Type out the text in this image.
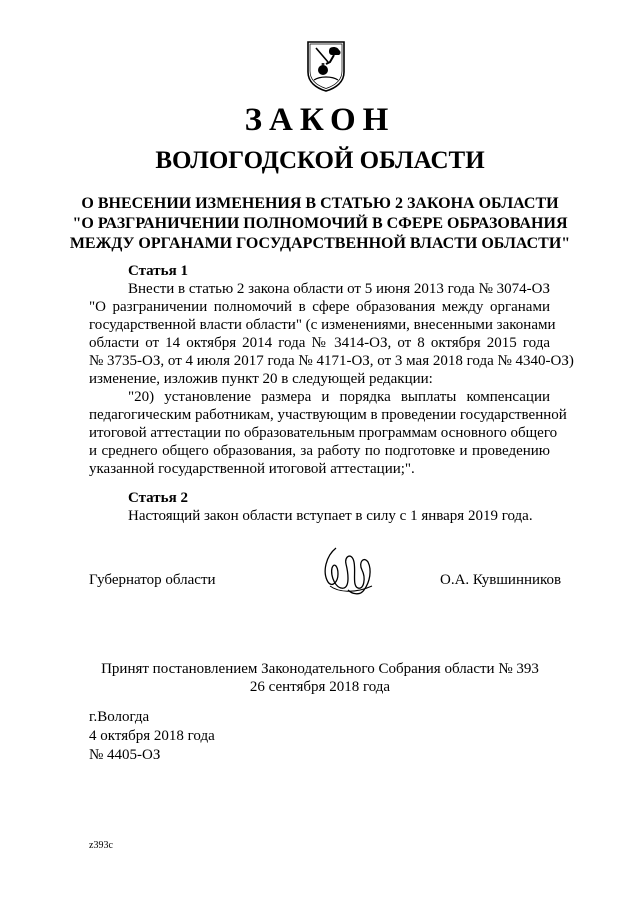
ЗАКОН
ВОЛОГОДСКОЙ ОБЛАСТИ
О ВНЕСЕНИИ ИЗМЕНЕНИЯ В СТАТЬЮ 2 ЗАКОНА ОБЛАСТИ
"О РАЗГРАНИЧЕНИИ ПОЛНОМОЧИЙ В СФЕРЕ ОБРАЗОВАНИЯ
МЕЖДУ ОРГАНАМИ ГОСУДАРСТВЕННОЙ ВЛАСТИ ОБЛАСТИ"
Статья 1
Внести в статью 2 закона области от 5 июня 2013 года № 3074-ОЗ
"О разграничении полномочий в сфере образования между органами
государственной власти области" (с изменениями, внесенными законами
области от 14 октября 2014 года № 3414-ОЗ, от 8 октября 2015 года
№ 3735-ОЗ, от 4 июля 2017 года № 4171-ОЗ, от 3 мая 2018 года № 4340-ОЗ)
изменение, изложив пункт 20 в следующей редакции:
"20) установление размера и порядка выплаты компенсации
педагогическим работникам, участвующим в проведении государственной
итоговой аттестации по образовательным программам основного общего
и среднего общего образования, за работу по подготовке и проведению
указанной государственной итоговой аттестации;".
Статья 2
Настоящий закон области вступает в силу с 1 января 2019 года.
Губернатор области	О.А. Кувшинников
Принят постановлением Законодательного Собрания области № 393
26 сентября 2018 года
г.Вологда
4 октября 2018 года
№ 4405-ОЗ
z393c
